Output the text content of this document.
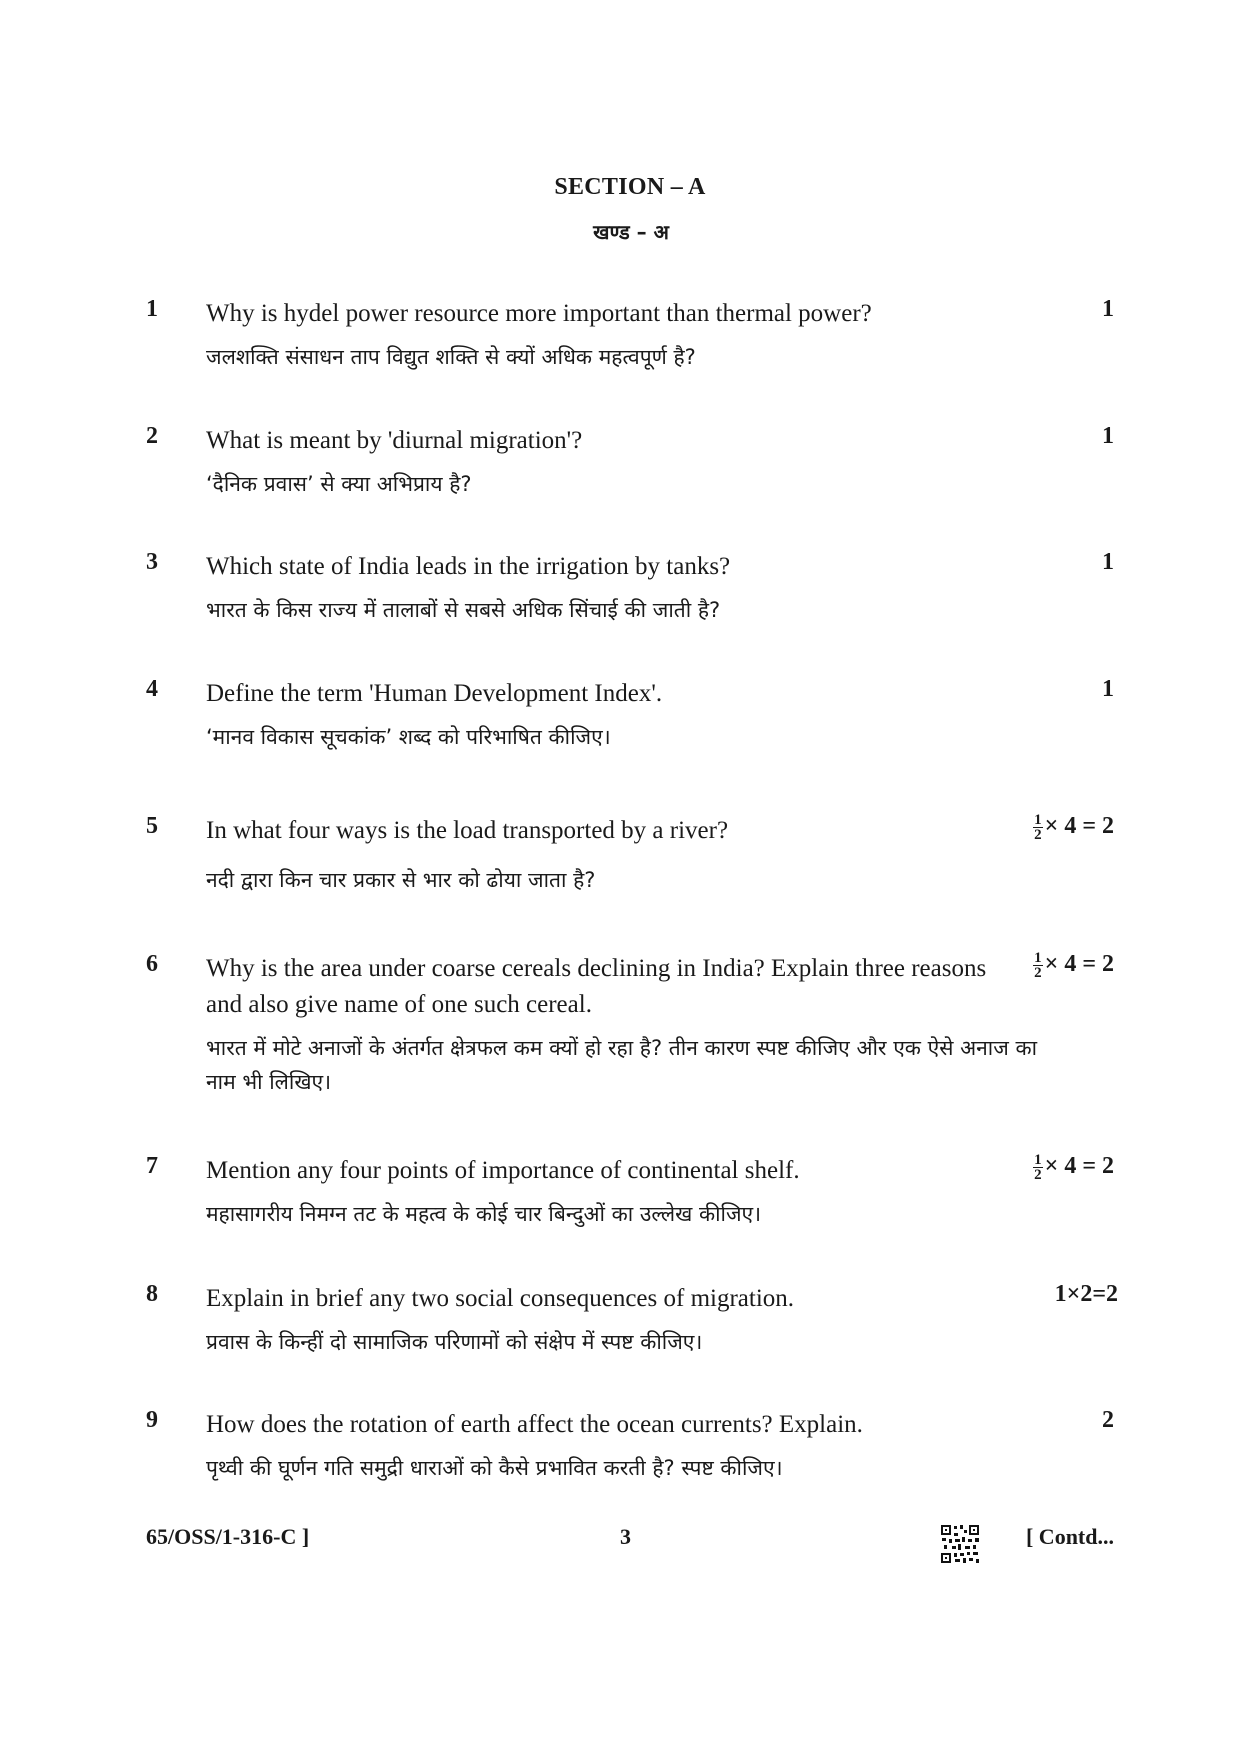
SECTION – A
खण्ड – अ
1 Why is hydel power resource more important than thermal power?
जलशक्ति संसाधन ताप विद्युत शक्ति से क्यों अधिक महत्वपूर्ण है?
1
2 What is meant by 'diurnal migration'?
‘दैनिक प्रवास’ से क्या अभिप्राय है?
1
3 Which state of India leads in the irrigation by tanks?
भारत के किस राज्य में तालाबों से सबसे अधिक सिंचाई की जाती है?
1
4 Define the term 'Human Development Index'.
‘मानव विकास सूचकांक’ शब्द को परिभाषित कीजिए।
1
5 In what four ways is the load transported by a river?
नदी द्वारा किन चार प्रकार से भार को ढोया जाता है?
$\frac{1}{2} \times 4 = 2$
6 Why is the area under coarse cereals declining in India? Explain three reasons and also give name of one such cereal.
भारत में मोटे अनाजों के अंतर्गत क्षेत्रफल कम क्यों हो रहा है? तीन कारण स्पष्ट कीजिए और एक ऐसे अनाज का नाम भी लिखिए।
$\frac{1}{2} \times 4 = 2$
7 Mention any four points of importance of continental shelf.
महासागरीय निमग्न तट के महत्व के कोई चार बिन्दुओं का उल्लेख कीजिए।
$\frac{1}{2} \times 4 = 2$
8 Explain in brief any two social consequences of migration.
प्रवास के किन्हीं दो सामाजिक परिणामों को संक्षेप में स्पष्ट कीजिए।
1×2=2
9 How does the rotation of earth affect the ocean currents? Explain.
पृथ्वी की घूर्णन गति समुद्री धाराओं को कैसे प्रभावित करती है? स्पष्ट कीजिए।
2
65/OSS/1-316-C ]	3	[ Contd...
